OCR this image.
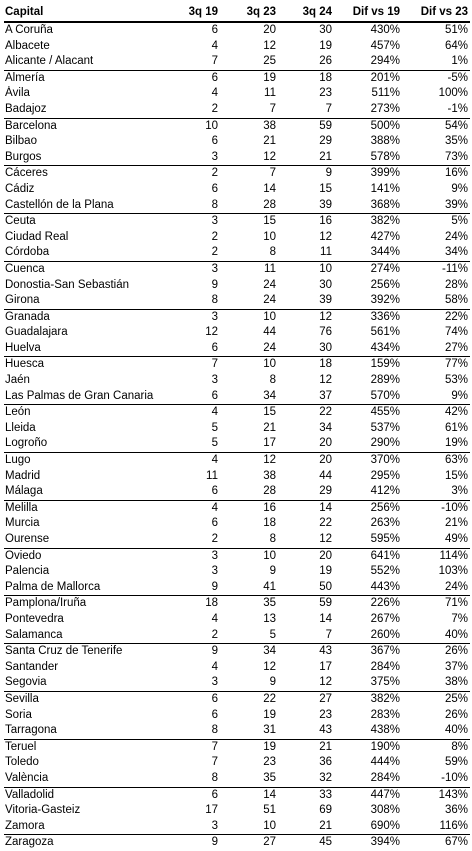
Capital	3q 19	3q 23	3q 24	Dif vs 19	Dif vs 23
A Coruña	6	20	30	430%	51%
Albacete	4	12	19	457%	64%
Alicante / Alacant	7	25	26	294%	1%
Almería	6	19	18	201%	-5%
Ávila	4	11	23	511%	100%
Badajoz	2	7	7	273%	-1%
Barcelona	10	38	59	500%	54%
Bilbao	6	21	29	388%	35%
Burgos	3	12	21	578%	73%
Cáceres	2	7	9	399%	16%
Cádiz	6	14	15	141%	9%
Castellón de la Plana	8	28	39	368%	39%
Ceuta	3	15	16	382%	5%
Ciudad Real	2	10	12	427%	24%
Córdoba	2	8	11	344%	34%
Cuenca	3	11	10	274%	-11%
Donostia-San Sebastián	9	24	30	256%	28%
Girona	8	24	39	392%	58%
Granada	3	10	12	336%	22%
Guadalajara	12	44	76	561%	74%
Huelva	6	24	30	434%	27%
Huesca	7	10	18	159%	77%
Jaén	3	8	12	289%	53%
Las Palmas de Gran Canaria	6	34	37	570%	9%
León	4	15	22	455%	42%
Lleida	5	21	34	537%	61%
Logroño	5	17	20	290%	19%
Lugo	4	12	20	370%	63%
Madrid	11	38	44	295%	15%
Málaga	6	28	29	412%	3%
Melilla	4	16	14	256%	-10%
Murcia	6	18	22	263%	21%
Ourense	2	8	12	595%	49%
Oviedo	3	10	20	641%	114%
Palencia	3	9	19	552%	103%
Palma de Mallorca	9	41	50	443%	24%
Pamplona/Iruña	18	35	59	226%	71%
Pontevedra	4	13	14	267%	7%
Salamanca	2	5	7	260%	40%
Santa Cruz de Tenerife	9	34	43	367%	26%
Santander	4	12	17	284%	37%
Segovia	3	9	12	375%	38%
Sevilla	6	22	27	382%	25%
Soria	6	19	23	283%	26%
Tarragona	8	31	43	438%	40%
Teruel	7	19	21	190%	8%
Toledo	7	23	36	444%	59%
València	8	35	32	284%	-10%
Valladolid	6	14	33	447%	143%
Vitoria-Gasteiz	17	51	69	308%	36%
Zamora	3	10	21	690%	116%
Zaragoza	9	27	45	394%	67%
